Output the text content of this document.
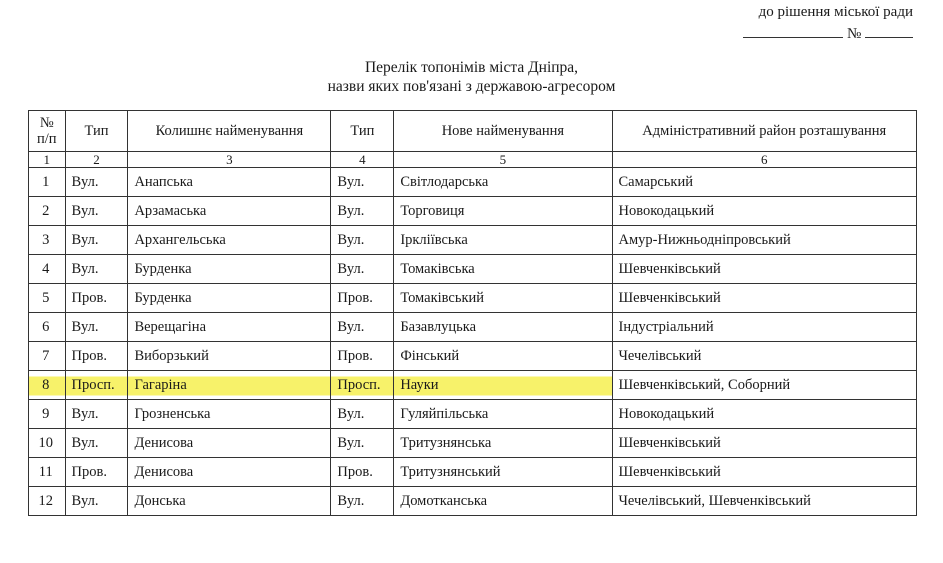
до рішення міської ради
№
Перелік топонімів міста Дніпра,
назви яких пов'язані з державою-агресором
№ п/п	Тип	Колишнє найменування	Тип	Нове найменування	Адміністративний район розташування
1	2	3	4	5	6
1	Вул.	Анапська	Вул.	Світлодарська	Самарський
2	Вул.	Арзамаська	Вул.	Торговиця	Новокодацький
3	Вул.	Архангельська	Вул.	Ірклiївська	Амур-Нижньодніпровський
4	Вул.	Бурденка	Вул.	Томаківська	Шевченківський
5	Пров.	Бурденка	Пров.	Томаківський	Шевченківський
6	Вул.	Верещагіна	Вул.	Базавлуцька	Індустріальний
7	Пров.	Виборзький	Пров.	Фінський	Чечелівський
8	Просп.	Гагаріна	Просп.	Науки	Шевченківський, Соборний
9	Вул.	Грозненська	Вул.	Гуляйпільська	Новокодацький
10	Вул.	Денисова	Вул.	Тритузнянська	Шевченківський
11	Пров.	Денисова	Пров.	Тритузнянський	Шевченківський
12	Вул.	Донська	Вул.	Домотканська	Чечелівський, Шевченківський
